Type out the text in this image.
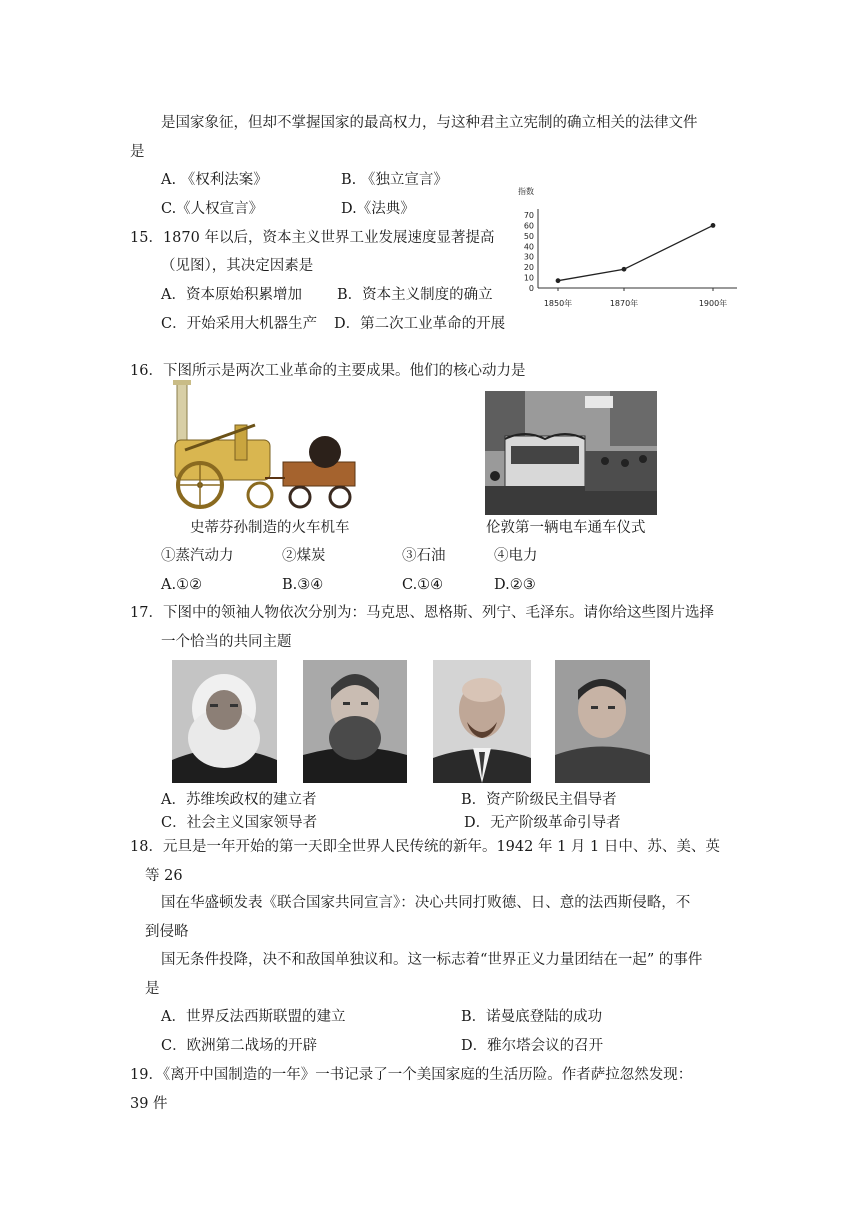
是国家象征，但却不掌握国家的最高权力，与这种君主立宪制的确立相关的法律文件
是
A. 《权利法案》	B. 《独立宣言》
C.《人权宣言》	D.《法典》
15．1870 年以后，资本主义世界工业发展速度显著提高
（见图），其决定因素是
A．资本原始积累增加 B．资本主义制度的确立
C．开始采用大机器生产 D．第二次工业革命的开展
指数
0
10
20
30
40
50
60
70
1850年	1870年	1900年
16．下图所示是两次工业革命的主要成果。他们的核心动力是
史蒂芬孙制造的火车机车	伦敦第一辆电车通车仪式
①蒸汽动力	②煤炭	③石油	④电力
A.①②	B.③④	C.①④	D.②③
17．下图中的领袖人物依次分别为：马克思、恩格斯、列宁、毛泽东。请你给这些图片选择
一个恰当的共同主题
A．苏维埃政权的建立者	B．资产阶级民主倡导者
C．社会主义国家领导者	D．无产阶级革命引导者
18．元旦是一年开始的第一天即全世界人民传统的新年。1942 年 1 月 1 日中、苏、美、英
等 26
国在华盛顿发表《联合国家共同宣言》：决心共同打败德、日、意的法西斯侵略，不
到侵略
国无条件投降，决不和敌国单独议和。这一标志着“世界正义力量团结在一起” 的事件
是
A．世界反法西斯联盟的建立	B．诺曼底登陆的成功
C．欧洲第二战场的开辟	D．雅尔塔会议的召开
19．《离开中国制造的一年》一书记录了一个美国家庭的生活历险。作者萨拉忽然发现：
39 件
